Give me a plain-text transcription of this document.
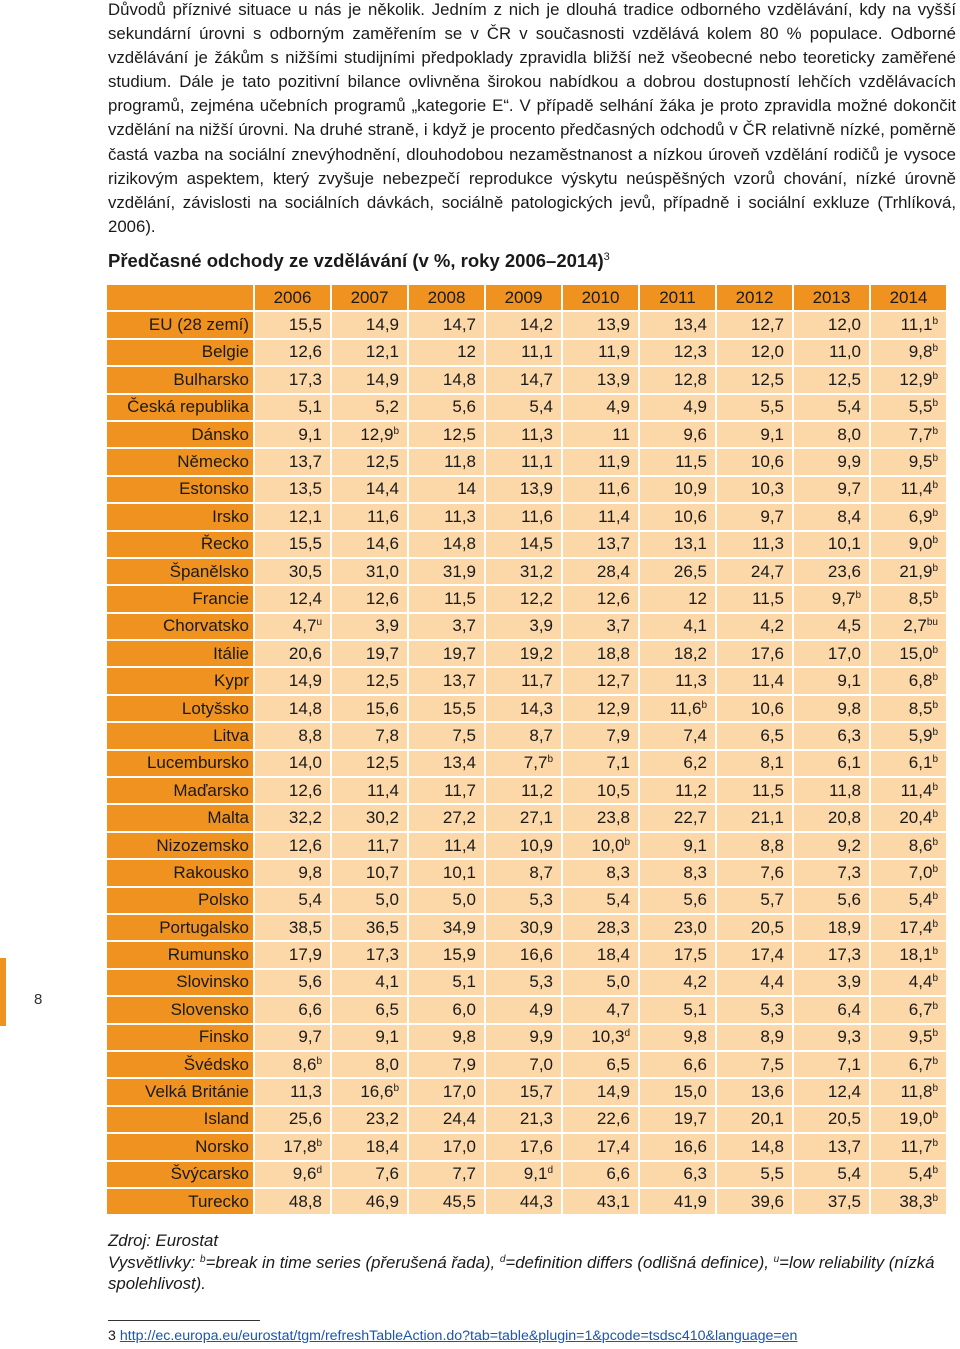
Důvodů příznivé situace u nás je několik. Jedním z nich je dlouhá tradice odborného vzdělávání, kdy na vyšší sekundární úrovni s odborným zaměřením se v ČR v současnosti vzdělává kolem 80 % populace. Odborné vzdělávání je žákům s nižšími studijními předpoklady zpravidla bližší než všeobecné nebo teoreticky zaměřené studium. Dále je tato pozitivní bilance ovlivněna širokou nabídkou a dobrou dostupností lehčích vzdělávacích programů, zejména učebních programů „kategorie E“. V případě selhání žáka je proto zpravidla možné dokončit vzdělání na nižší úrovni. Na druhé straně, i když je procento předčasných odchodů v ČR relativně nízké, poměrně častá vazba na sociální znevýhodnění, dlouhodobou nezaměstnanost a nízkou úroveň vzdělání rodičů je vysoce rizikovým aspektem, který zvyšuje nebezpečí reprodukce výskytu neúspěšných vzorů chování, nízké úrovně vzdělání, závislosti na sociálních dávkách, sociálně patologických jevů, případně i sociální exkluze (Trhlíková, 2006).

Předčasné odchody ze vzdělávání (v %, roky 2006–2014)$^3$
	2006	2007	2008	2009	2010	2011	2012	2013	2014
EU (28 zemí)	15,5	14,9	14,7	14,2	13,9	13,4	12,7	12,0	11,1$^b$
Belgie	12,6	12,1	12	11,1	11,9	12,3	12,0	11,0	9,8$^b$
Bulharsko	17,3	14,9	14,8	14,7	13,9	12,8	12,5	12,5	12,9$^b$
Česká republika	5,1	5,2	5,6	5,4	4,9	4,9	5,5	5,4	5,5$^b$
Dánsko	9,1	12,9$^b$	12,5	11,3	11	9,6	9,1	8,0	7,7$^b$
Německo	13,7	12,5	11,8	11,1	11,9	11,5	10,6	9,9	9,5$^b$
Estonsko	13,5	14,4	14	13,9	11,6	10,9	10,3	9,7	11,4$^b$
Irsko	12,1	11,6	11,3	11,6	11,4	10,6	9,7	8,4	6,9$^b$
Řecko	15,5	14,6	14,8	14,5	13,7	13,1	11,3	10,1	9,0$^b$
Španělsko	30,5	31,0	31,9	31,2	28,4	26,5	24,7	23,6	21,9$^b$
Francie	12,4	12,6	11,5	12,2	12,6	12	11,5	9,7$^b$	8,5$^b$
Chorvatsko	4,7$^u$	3,9	3,7	3,9	3,7	4,1	4,2	4,5	$2,7^{bu}$
Itálie	20,6	19,7	19,7	19,2	18,8	18,2	17,6	17,0	15,0$^b$
Kypr	14,9	12,5	13,7	11,7	12,7	11,3	11,4	9,1	6,8$^b$
Lotyšsko	14,8	15,6	15,5	14,3	12,9	11,6$^b$	10,6	9,8	8,5$^b$
Litva	8,8	7,8	7,5	8,7	7,9	7,4	6,5	6,3	5,9$^b$
Lucembursko	14,0	12,5	13,4	7,7$^b$	7,1	6,2	8,1	6,1	6,1$^b$
Maďarsko	12,6	11,4	11,7	11,2	10,5	11,2	11,5	11,8	11,4$^b$
Malta	32,2	30,2	27,2	27,1	23,8	22,7	21,1	20,8	20,4$^b$
Nizozemsko	12,6	11,7	11,4	10,9	10,0$^b$	9,1	8,8	9,2	8,6$^b$
Rakousko	9,8	10,7	10,1	8,7	8,3	8,3	7,6	7,3	7,0$^b$
Polsko	5,4	5,0	5,0	5,3	5,4	5,6	5,7	5,6	5,4$^b$
Portugalsko	38,5	36,5	34,9	30,9	28,3	23,0	20,5	18,9	17,4$^b$
Rumunsko	17,9	17,3	15,9	16,6	18,4	17,5	17,4	17,3	18,1$^b$
Slovinsko	5,6	4,1	5,1	5,3	5,0	4,2	4,4	3,9	4,4$^b$
Slovensko	6,6	6,5	6,0	4,9	4,7	5,1	5,3	6,4	6,7$^b$
Finsko	9,7	9,1	9,8	9,9	10,3$^d$	9,8	8,9	9,3	9,5$^b$
Švédsko	8,6$^b$	8,0	7,9	7,0	6,5	6,6	7,5	7,1	6,7$^b$
Velká Británie	11,3	16,6$^b$	17,0	15,7	14,9	15,0	13,6	12,4	11,8$^b$
Island	25,6	23,2	24,4	21,3	22,6	19,7	20,1	20,5	19,0$^b$
Norsko	17,8$^b$	18,4	17,0	17,6	17,4	16,6	14,8	13,7	11,7$^b$
Švýcarsko	9,6$^d$	7,6	7,7	9,1$^d$	6,6	6,3	5,5	5,4	5,4$^b$
Turecko	48,8	46,9	45,5	44,3	43,1	41,9	39,6	37,5	38,3$^b$
8
Zdroj: Eurostat
Vysvětlivky: $^b$=break in time series (přerušená řada), $^d$=definition differs (odlišná definice), $^u$=low reliability (nízká spolehlivost).
3 http://ec.europa.eu/eurostat/tgm/refreshTableAction.do?tab=table&plugin=1&pcode=tsdsc410&language=en
